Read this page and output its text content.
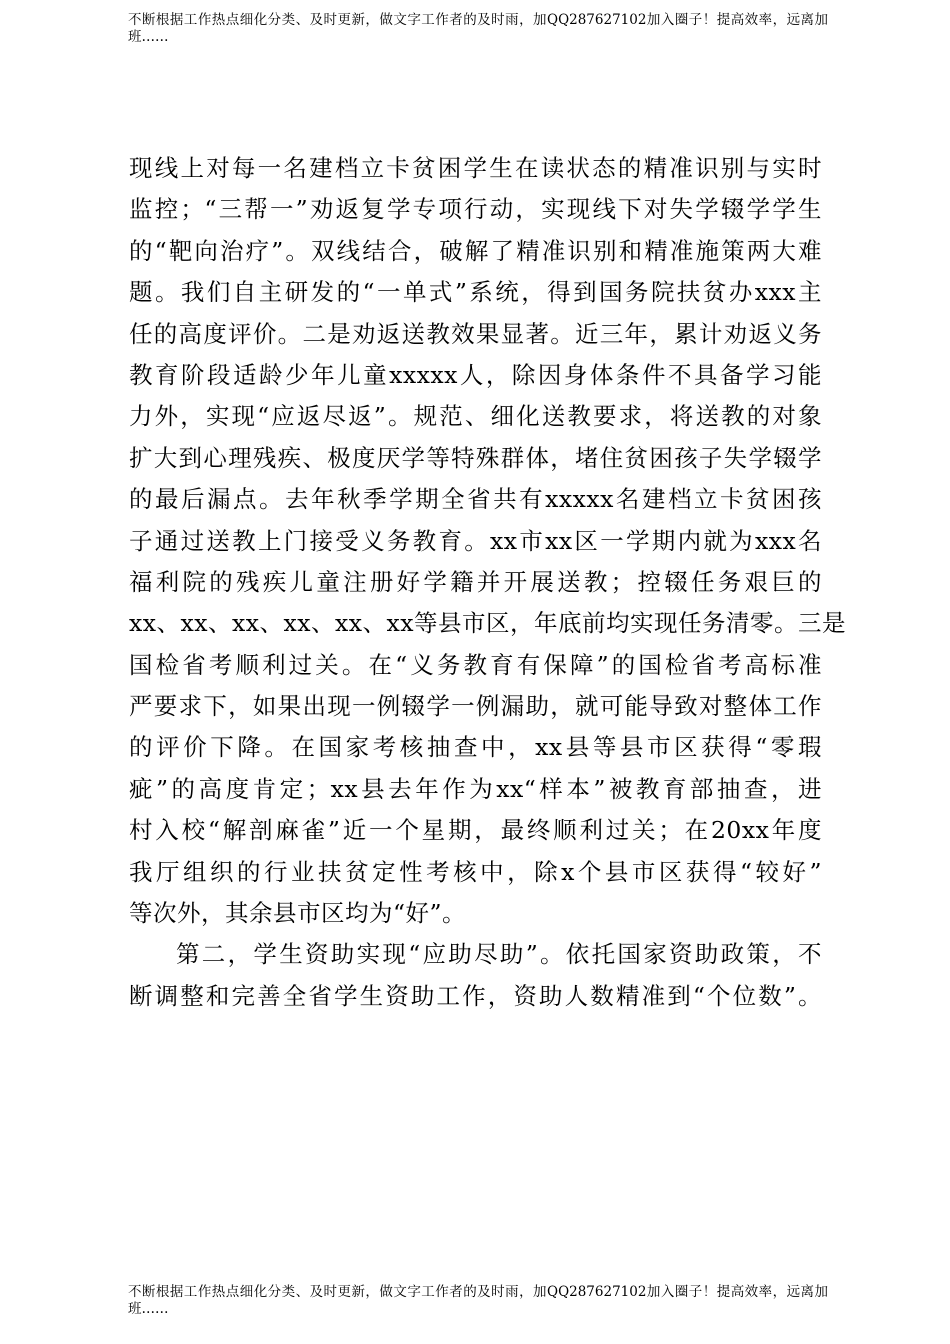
不断根据工作热点细化分类、及时更新，做文字工作者的及时雨，加QQ287627102加入圈子！提高效率，远离加
班……
现线上对每一名建档立卡贫困学生在读状态的精准识别与实时
监控；“三帮一”劝返复学专项行动，实现线下对失学辍学学生
的“靶向治疗”。双线结合，破解了精准识别和精准施策两大难
题。我们自主研发的“一单式”系统，得到国务院扶贫办xxx主
任的高度评价。二是劝返送教效果显著。近三年，累计劝返义务
教育阶段适龄少年儿童xxxxx人，除因身体条件不具备学习能
力外，实现“应返尽返”。规范、细化送教要求，将送教的对象
扩大到心理残疾、极度厌学等特殊群体，堵住贫困孩子失学辍学
的最后漏点。去年秋季学期全省共有xxxxx名建档立卡贫困孩
子通过送教上门接受义务教育。xx市xx区一学期内就为xxx名
福利院的残疾儿童注册好学籍并开展送教；控辍任务艰巨的
xx、xx、xx、xx、xx、xx等县市区，年底前均实现任务清零。三是
国检省考顺利过关。在“义务教育有保障”的国检省考高标准
严要求下，如果出现一例辍学一例漏助，就可能导致对整体工作
的评价下降。在国家考核抽查中，xx县等县市区获得“零瑕
疵”的高度肯定；xx县去年作为xx“样本”被教育部抽查，进
村入校“解剖麻雀”近一个星期，最终顺利过关；在20xx年度
我厅组织的行业扶贫定性考核中，除x个县市区获得“较好”
等次外，其余县市区均为“好”。
第二，学生资助实现“应助尽助”。依托国家资助政策，不
断调整和完善全省学生资助工作，资助人数精准到“个位数”。
不断根据工作热点细化分类、及时更新，做文字工作者的及时雨，加QQ287627102加入圈子！提高效率，远离加
班……
